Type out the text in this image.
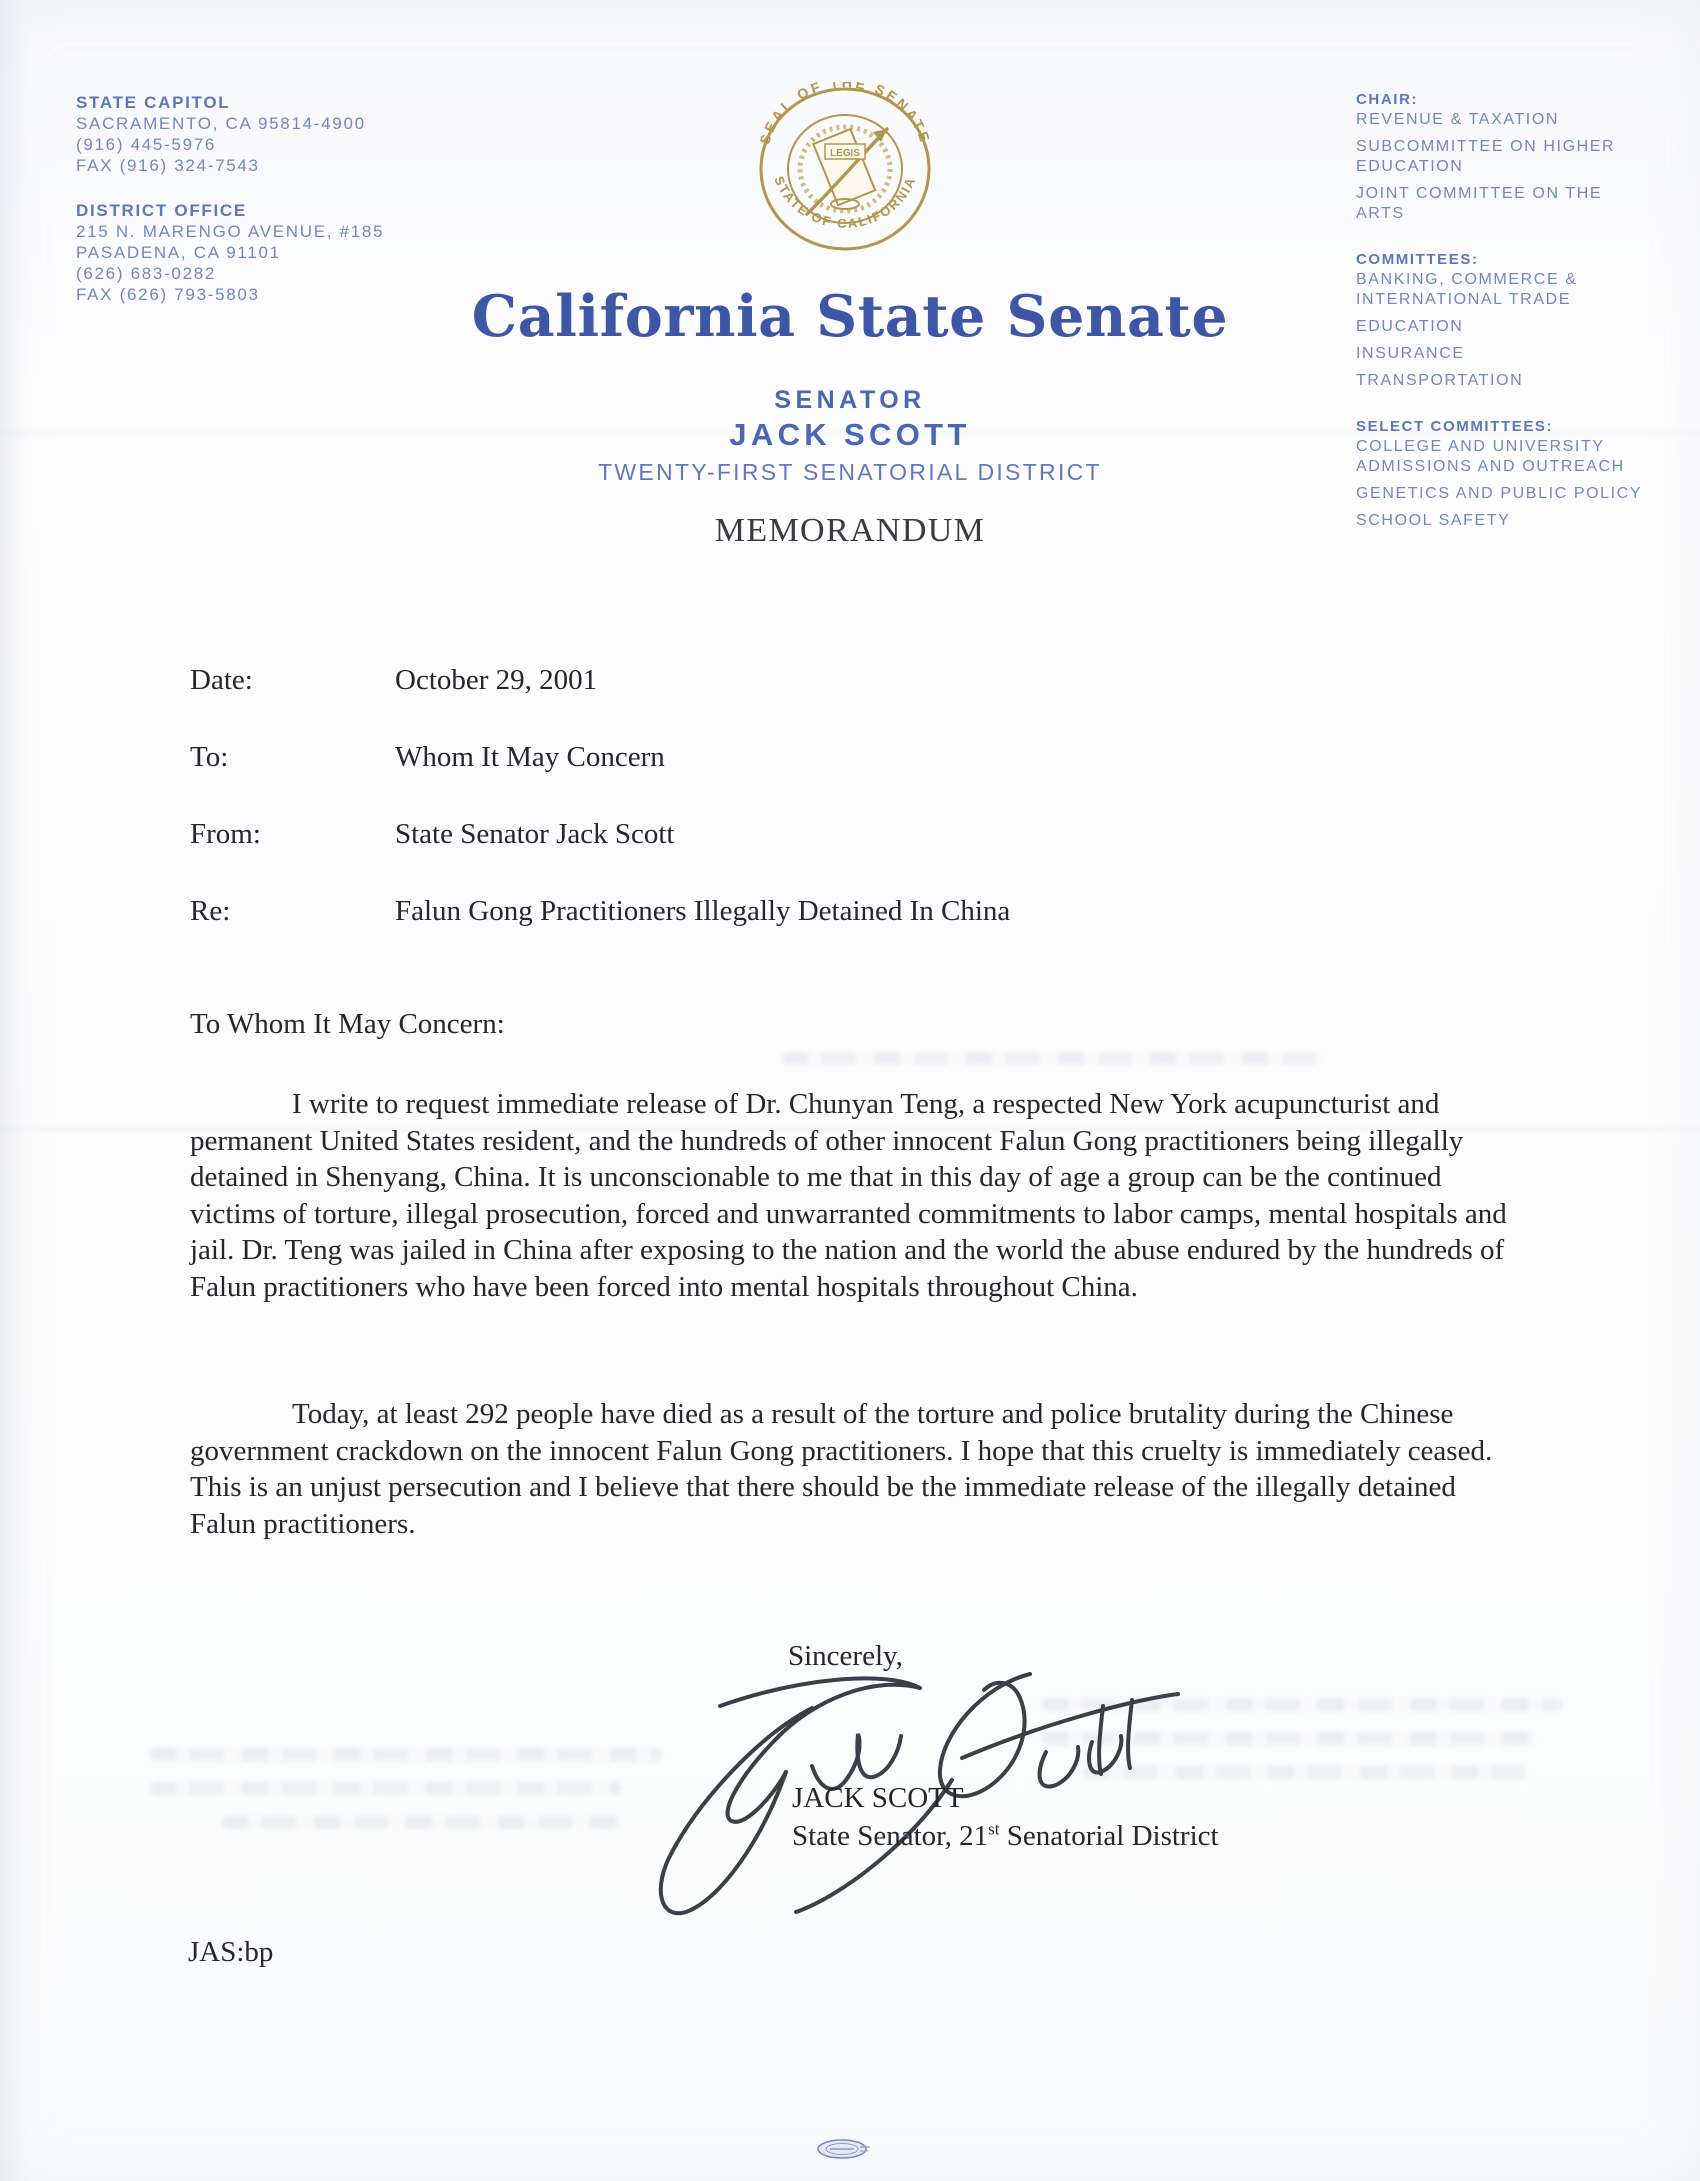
STATE CAPITOL
SACRAMENTO, CA 95814-4900
(916) 445-5976
FAX (916) 324-7543
DISTRICT OFFICE
215 N. MARENGO AVENUE, #185
PASADENA, CA 91101
(626) 683-0282
FAX (626) 793-5803
CHAIR:
REVENUE & TAXATION
SUBCOMMITTEE ON HIGHER EDUCATION
JOINT COMMITTEE ON THE ARTS
COMMITTEES:
BANKING, COMMERCE & INTERNATIONAL TRADE
EDUCATION
INSURANCE
TRANSPORTATION
SELECT COMMITTEES:
COLLEGE AND UNIVERSITY ADMISSIONS AND OUTREACH
GENETICS AND PUBLIC POLICY
SCHOOL SAFETY
SEAL OF THE SENATE
STATE OF CALIFORNIA
LEGIS
California State Senate
SENATOR
JACK SCOTT
TWENTY-FIRST SENATORIAL DISTRICT
MEMORANDUM
Date:	October 29, 2001
To:	Whom It May Concern
From:	State Senator Jack Scott
Re:	Falun Gong Practitioners Illegally Detained In China
To Whom It May Concern:
I write to request immediate release of Dr. Chunyan Teng, a respected New York acupuncturist and permanent United States resident, and the hundreds of other innocent Falun Gong practitioners being illegally detained in Shenyang, China. It is unconscionable to me that in this day of age a group can be the continued victims of torture, illegal prosecution, forced and unwarranted commitments to labor camps, mental hospitals and jail. Dr. Teng was jailed in China after exposing to the nation and the world the abuse endured by the hundreds of Falun practitioners who have been forced into mental hospitals throughout China.
Today, at least 292 people have died as a result of the torture and police brutality during the Chinese government crackdown on the innocent Falun Gong practitioners. I hope that this cruelty is immediately ceased. This is an unjust persecution and I believe that there should be the immediate release of the illegally detained Falun practitioners.
Sincerely,
JACK SCOTT
State Senator, 21st Senatorial District
JAS:bp
